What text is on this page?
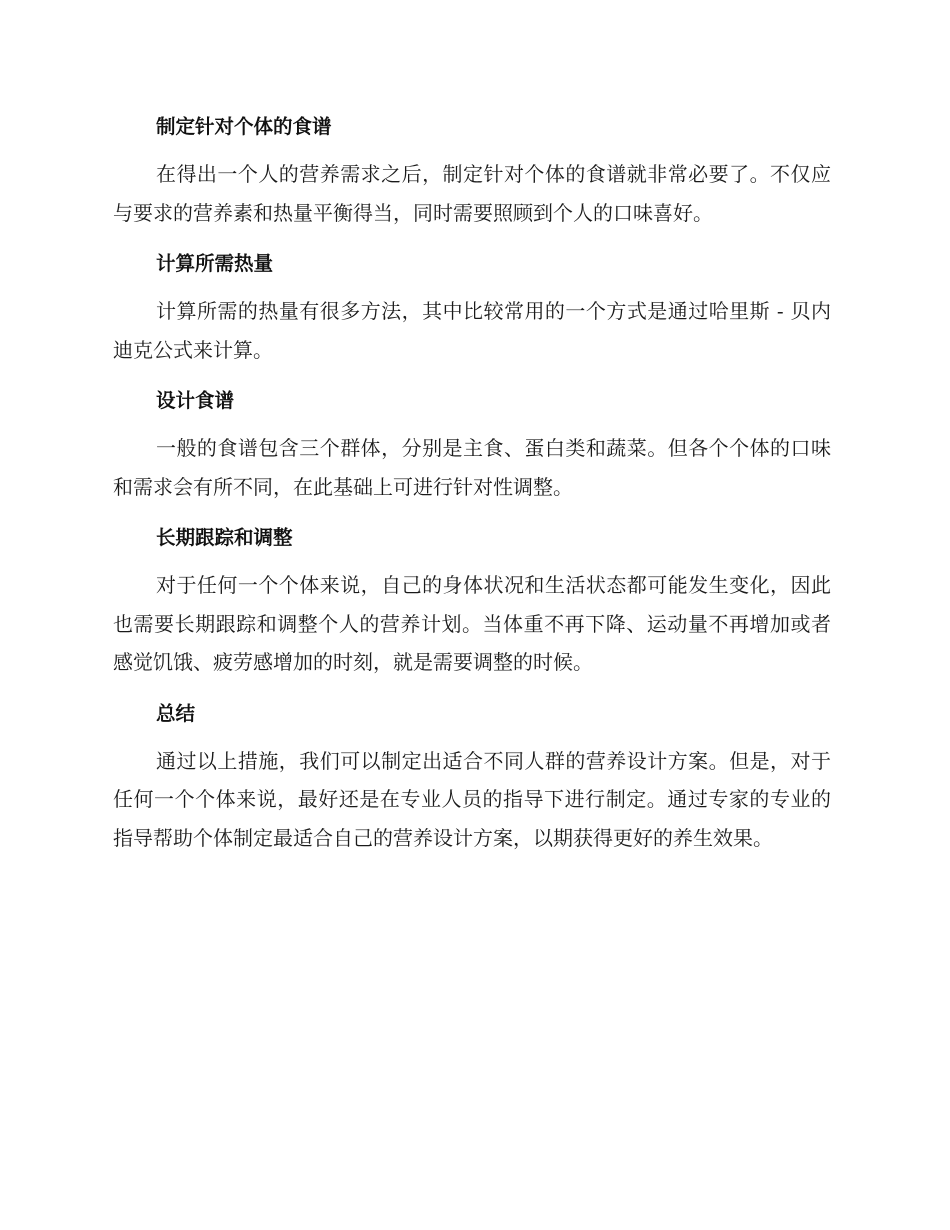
制定针对个体的食谱

在得出一个人的营养需求之后，制定针对个体的食谱就非常必要了。不仅应与要求的营养素和热量平衡得当，同时需要照顾到个人的口味喜好。

计算所需热量

计算所需的热量有很多方法，其中比较常用的一个方式是通过哈里斯 - 贝内迪克公式来计算。

设计食谱

一般的食谱包含三个群体，分别是主食、蛋白类和蔬菜。但各个个体的口味和需求会有所不同，在此基础上可进行针对性调整。

长期跟踪和调整

对于任何一个个体来说，自己的身体状况和生活状态都可能发生变化，因此也需要长期跟踪和调整个人的营养计划。当体重不再下降、运动量不再增加或者感觉饥饿、疲劳感增加的时刻，就是需要调整的时候。

总结

通过以上措施，我们可以制定出适合不同人群的营养设计方案。但是，对于任何一个个体来说，最好还是在专业人员的指导下进行制定。通过专家的专业的指导帮助个体制定最适合自己的营养设计方案，以期获得更好的养生效果。
